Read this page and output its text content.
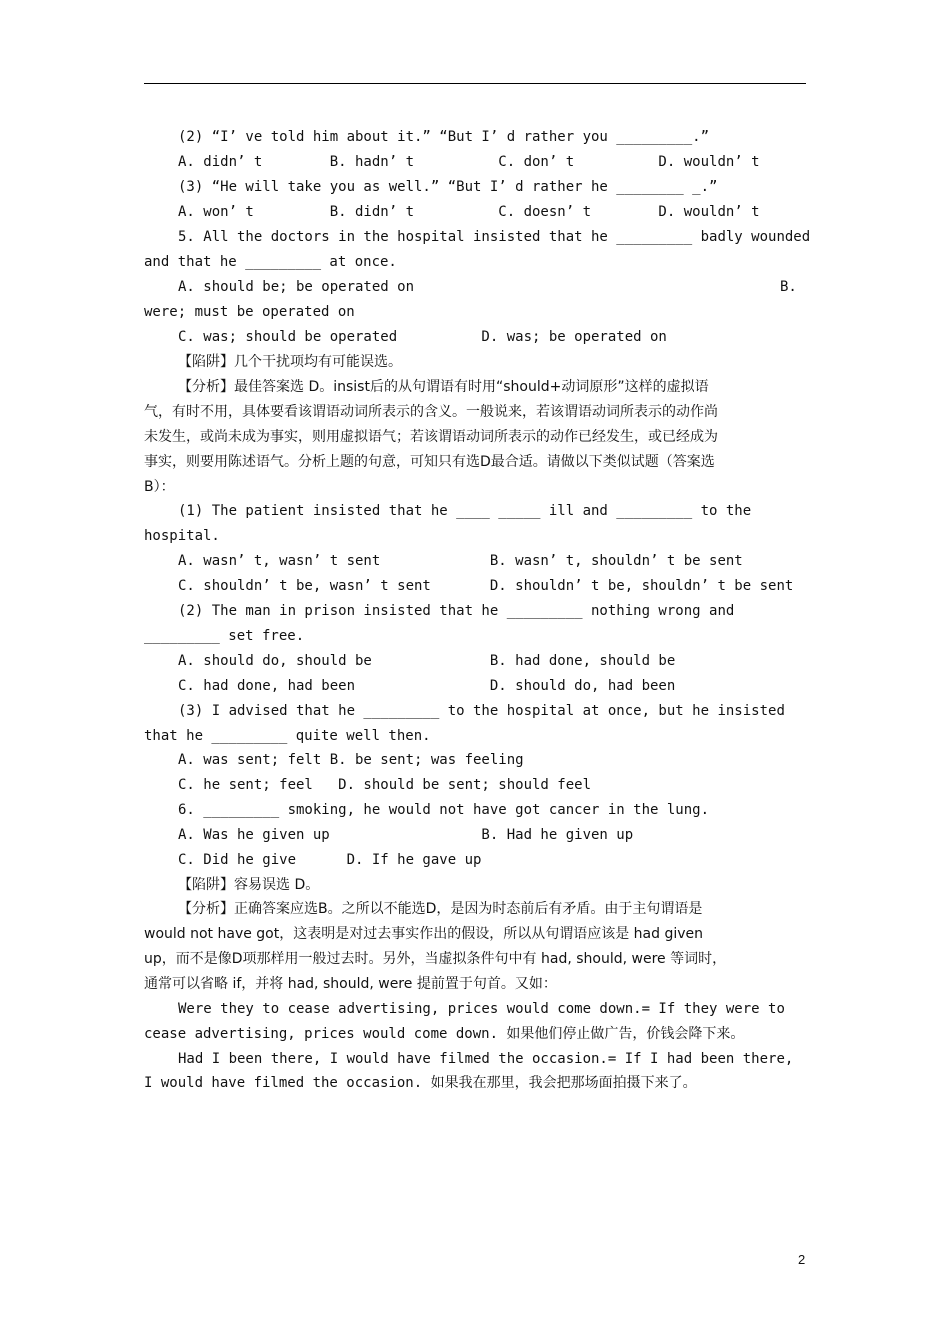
(2) “I’ ve told him about it.” “But I’ d rather you _________.”
A. didn’ t        B. hadn’ t          C. don’ t          D. wouldn’ t
(3) “He will take you as well.” “But I’ d rather he ________ _.”
A. won’ t         B. didn’ t          C. doesn’ t        D. wouldn’ t
5. All the doctors in the hospital insisted that he _________ badly wounded
and that he _________ at once.
A. should be; be operated on	B.
were; must be operated on
C. was; should be operated          D. was; be operated on
【陷阱】几个干扰项均有可能误选。
【分析】最佳答案选 D。insist后的从句谓语有时用“should+动词原形”这样的虚拟语
气，有时不用，具体要看该谓语动词所表示的含义。一般说来，若该谓语动词所表示的动作尚
未发生，或尚未成为事实，则用虚拟语气；若该谓语动词所表示的动作已经发生，或已经成为
事实，则要用陈述语气。分析上题的句意，可知只有选D最合适。请做以下类似试题（答案选
B）：
(1) The patient insisted that he ____ _____ ill and _________ to the
hospital.
A. wasn’ t, wasn’ t sent             B. wasn’ t, shouldn’ t be sent
C. shouldn’ t be, wasn’ t sent       D. shouldn’ t be, shouldn’ t be sent
(2) The man in prison insisted that he _________ nothing wrong and
_________ set free.
A. should do, should be              B. had done, should be
C. had done, had been                D. should do, had been
(3) I advised that he _________ to the hospital at once, but he insisted
that he _________ quite well then.
A. was sent; felt B. be sent; was feeling
C. he sent; feel   D. should be sent; should feel
6. _________ smoking, he would not have got cancer in the lung.
A. Was he given up                  B. Had he given up
C. Did he give      D. If he gave up
【陷阱】容易误选 D。
【分析】正确答案应选B。之所以不能选D，是因为时态前后有矛盾。由于主句谓语是
would not have got，这表明是对过去事实作出的假设，所以从句谓语应该是 had given
up，而不是像D项那样用一般过去时。另外，当虚拟条件句中有 had, should, were 等词时，
通常可以省略 if，并将 had, should, were 提前置于句首。又如：
Were they to cease advertising, prices would come down.= If they were to
cease advertising, prices would come down. 如果他们停止做广告，价钱会降下来。
Had I been there, I would have filmed the occasion.= If I had been there,
I would have filmed the occasion. 如果我在那里，我会把那场面拍摄下来了。
2
